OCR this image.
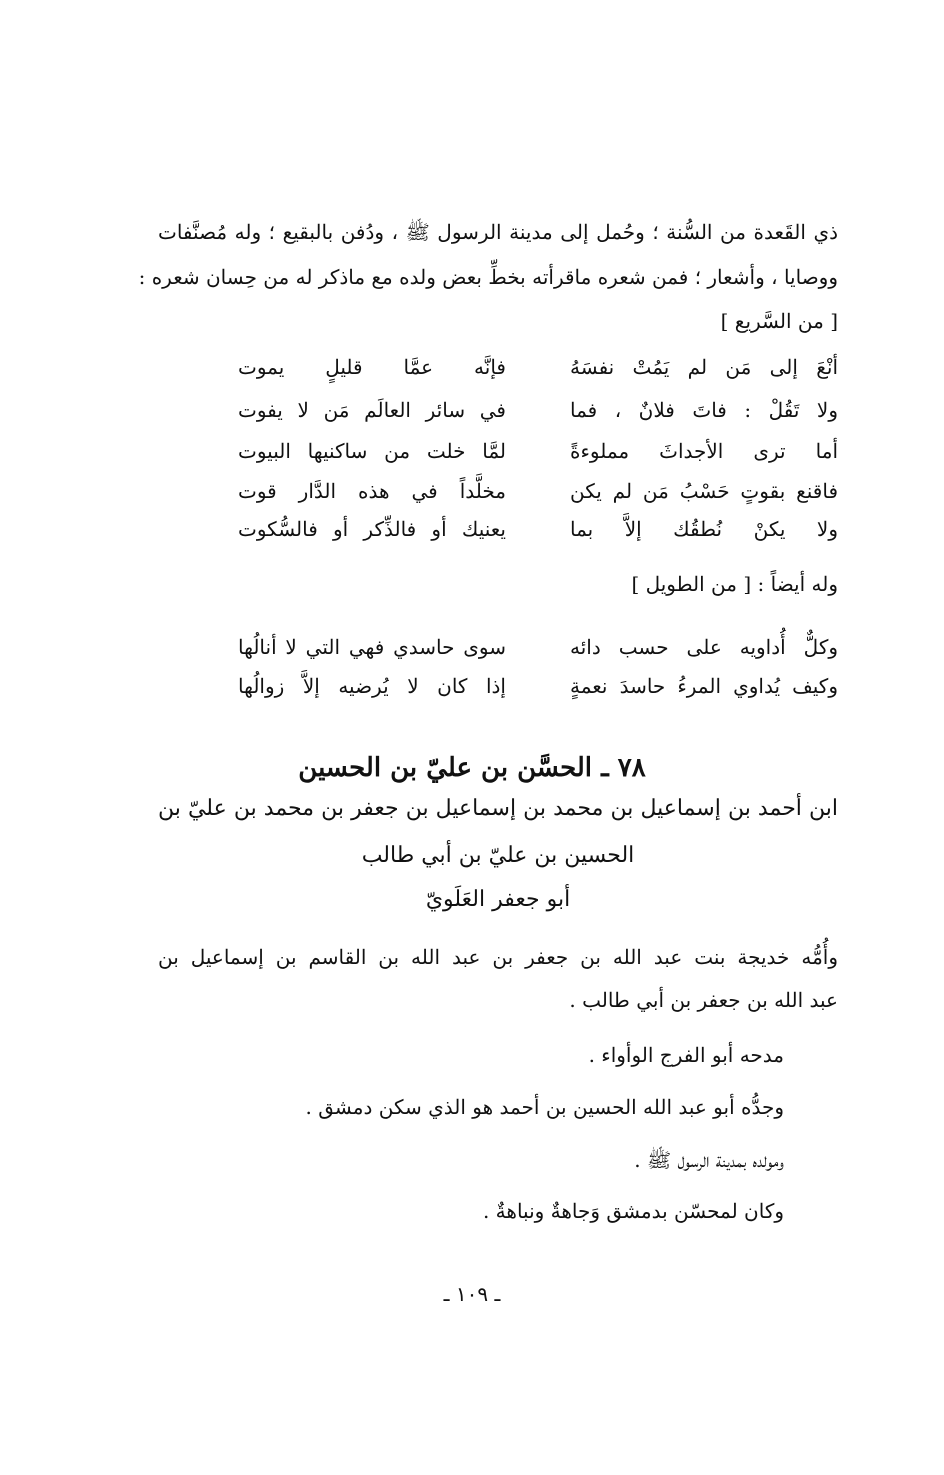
ذي القَعدة من السُّنة ؛ وحُمل إلى مدينة الرسول ﷺ ، ودُفن بالبقيع ؛ وله مُصنَّفات
ووصايا ، وأشعار ؛ فمن شعره ماقرأته بخطِّ بعض ولده مع ماذكر له من حِسان شعره :
[ من السَّريع ]
أنْعَ إلى مَن لم يَمُتْ نفسَهُ
فإنَّه عمَّا قليلٍ يموت
ولا تَقُلْ : فاتَ فلانٌ ، فما
في سائر العالَم مَن لا يفوت
أما ترى الأجداثَ مملوءةً
لمَّا خلت من ساكنيها البيوت
فاقنع بقوتٍ حَسْبُ مَن لم يكن
مخلَّداً في هذه الدَّار قوت
ولا يكنْ نُطقُك إلاَّ بما
يعنيك أو فالذِّكر أو فالسُّكوت
وله أيضاً : [ من الطويل ]
وكلٌّ أُداويه على حسب دائه
سوى حاسدي فهي التي لا أنالُها
وكيف يُداوي المرءُ حاسدَ نعمةٍ
إذا كان لا يُرضيه إلاَّ زوالُها
٧٨ ـ الحسَّن بن عليّ بن الحسين
ابن أحمد بن إسماعيل بن محمد بن إسماعيل بن جعفر بن محمد بن عليّ بن
الحسين بن عليّ بن أبي طالب
أبو جعفر العَلَويّ
وأُمُّه خديجة بنت عبد الله بن جعفر بن عبد الله بن القاسم بن إسماعيل بن
عبد الله بن جعفر بن أبي طالب .
مدحه أبو الفرج الوأواء .
وجدُّه أبو عبد الله الحسين بن أحمد هو الذي سكن دمشق .
ومولده بمدينة الرسول ﷺ .
وكان لمحسّن بدمشق وَجاهةٌ ونباهةٌ .
ـ ١٠٩ ـ
